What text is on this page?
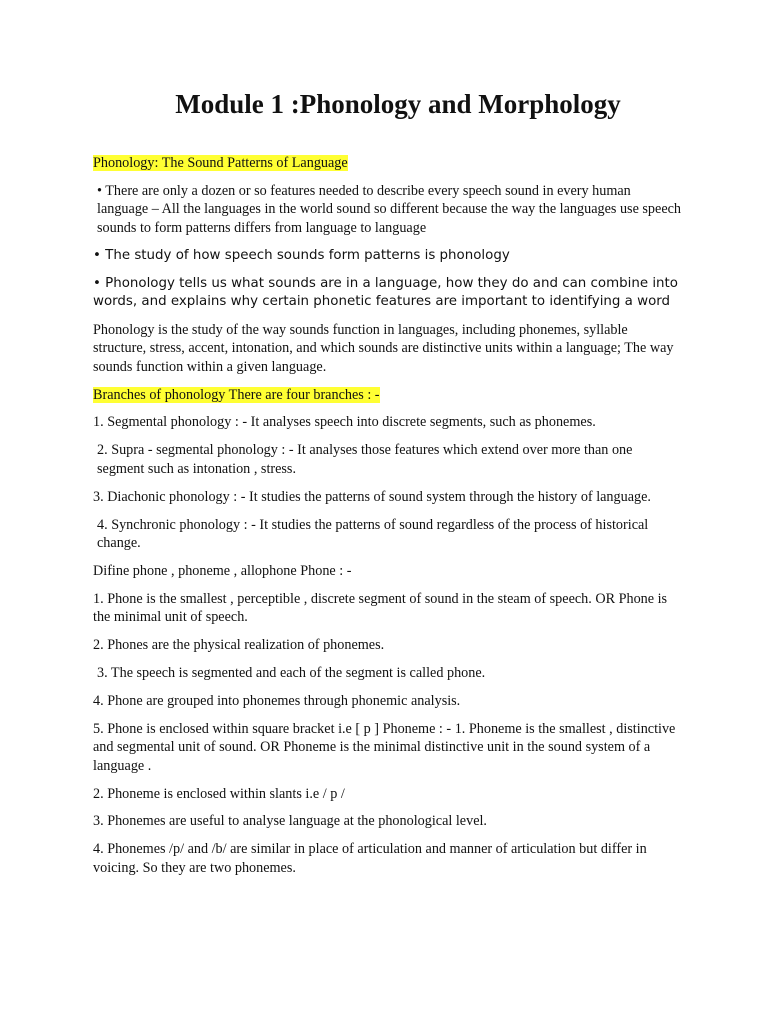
Module 1 :Phonology and Morphology

Phonology: The Sound Patterns of Language

• There are only a dozen or so features needed to describe every speech sound in every human language – All the languages in the world sound so different because the way the languages use speech sounds to form patterns differs from language to language

• The study of how speech sounds form patterns is phonology

• Phonology tells us what sounds are in a language, how they do and can combine into words, and explains why certain phonetic features are important to identifying a word

Phonology is the study of the way sounds function in languages, including phonemes, syllable structure, stress, accent, intonation, and which sounds are distinctive units within a language; The way sounds function within a given language.

Branches of phonology There are four branches : -

1. Segmental phonology : - It analyses speech into discrete segments, such as phonemes.

2. Supra - segmental phonology : - It analyses those features which extend over more than one segment such as intonation , stress.

3. Diachonic phonology : - It studies the patterns of sound system through the history of language.

4. Synchronic phonology : - It studies the patterns of sound regardless of the process of historical change.

Difine phone , phoneme , allophone Phone : -

1. Phone is the smallest , perceptible , discrete segment of sound in the steam of speech. OR Phone is the minimal unit of speech.

2. Phones are the physical realization of phonemes.

3. The speech is segmented and each of the segment is called phone.

4. Phone are grouped into phonemes through phonemic analysis.

5. Phone is enclosed within square bracket i.e [ p ] Phoneme : - 1. Phoneme is the smallest , distinctive and segmental unit of sound. OR Phoneme is the minimal distinctive unit in the sound system of a language .

2. Phoneme is enclosed within slants i.e / p /

3. Phonemes are useful to analyse language at the phonological level.

4. Phonemes /p/ and /b/ are similar in place of articulation and manner of articulation but differ in voicing. So they are two phonemes.
